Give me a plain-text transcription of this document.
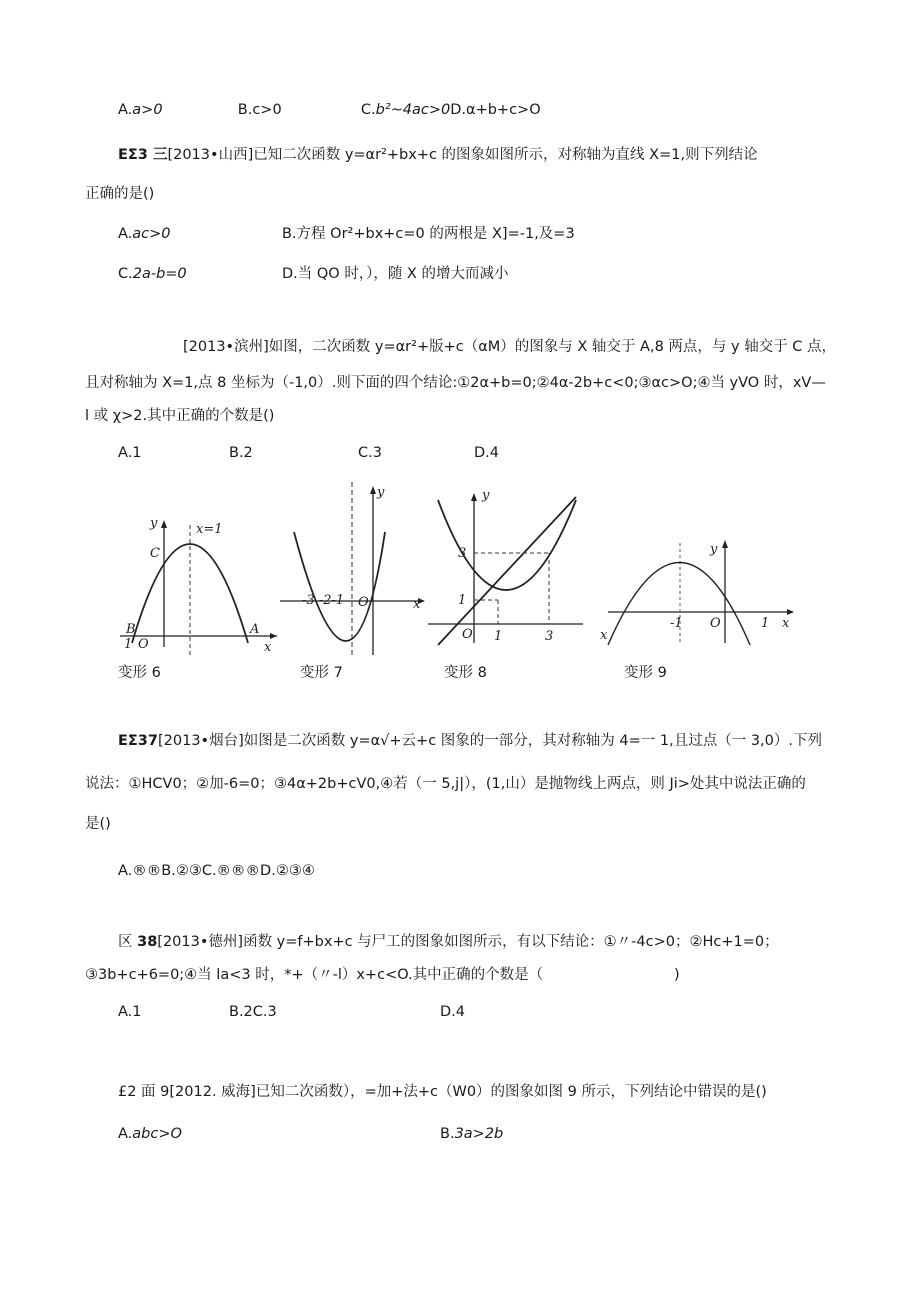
A.a>0	B.c>0	C.b²~4ac>0D.α+b+c>O
EΣ3 三[2013•山西]已知二次函数 y=αr²+bx+c 的图象如图所示，对称轴为直线 X=1,则下列结论
正确的是()
A.ac>0	B.方程 Or²+bx+c=0 的两根是 X]=-1,及=3
C.2a-b=0	D.当 QO 时，），随 X 的增大而减小
[2013•滨州]如图，二次函数 y=αr²+版+c（αM）的图象与 X 轴交于 A,8 两点，与 y 轴交于 C 点，
且对称轴为 X=1,点 8 坐标为（-1,0）.则下面的四个结论:①2α+b=0;②4α-2b+c<0;③αc>O;④当 yVO 时，xV—
l 或 χ>2.其中正确的个数是()
A.1	B.2	C.3	D.4
y	x=1
C
B	A
O
1	x
变形 6
y
-3 -2-1 O	x
变形 7
y
3
1
O 1	3
变形 8
y
-1 O	1 x
x
变形 9
EΣ37[2013•烟台]如图是二次函数 y=α√+云+c 图象的一部分，其对称轴为 4=一 1,且过点（一 3,0）.下列
说法：①HCV0；②加-6=0；③4α+2b+cV0,④若（一 5,j|），(1,山）是抛物线上两点，则 Ji>处其中说法正确的
是()
A.®®B.②③C.®®®D.②③④
区 38[2013•德州]函数 y=f+bx+c 与尸工的图象如图所示，有以下结论：①〃-4c>0；②Hc+1=0；
③3b+c+6=0;④当 la<3 时，*+（〃-l）x+c<O.其中正确的个数是（	)
A.1	B.2C.3	D.4
£2 面 9[2012. 威海]已知二次函数），=加+法+c（W0）的图象如图 9 所示，下列结论中错误的是()
A.abc>O	B.3a>2b
